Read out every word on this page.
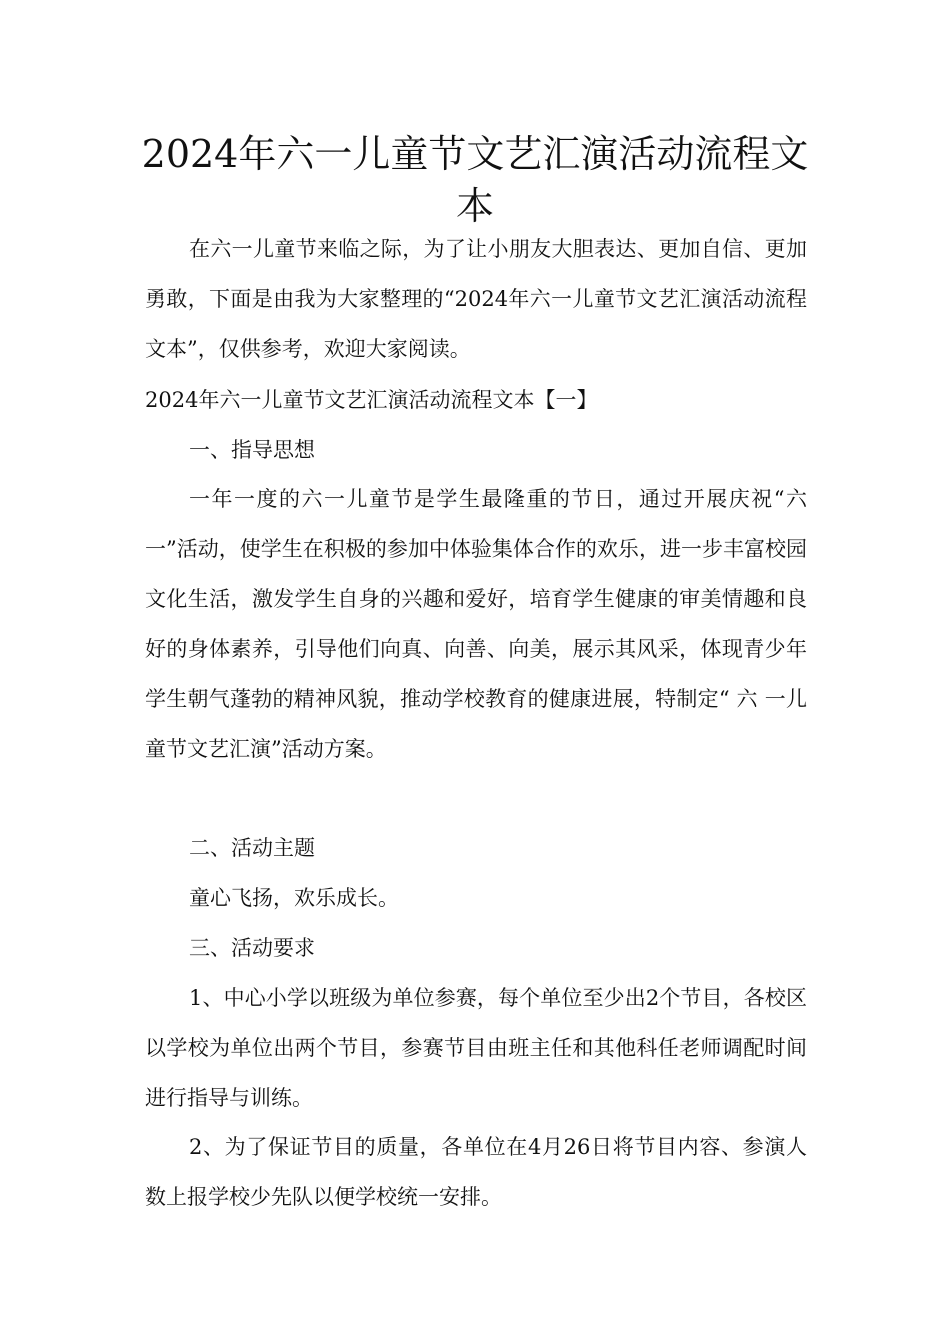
2024年六一儿童节文艺汇演活动流程文本

在六一儿童节来临之际，为了让小朋友大胆表达、更加自信、更加勇敢，下面是由我为大家整理的“2024年六一儿童节文艺汇演活动流程文本”，仅供参考，欢迎大家阅读。

2024年六一儿童节文艺汇演活动流程文本【一】

一、指导思想

一年一度的六一儿童节是学生最隆重的节日，通过开展庆祝“六一”活动，使学生在积极的参加中体验集体合作的欢乐，进一步丰富校园文化生活，激发学生自身的兴趣和爱好，培育学生健康的审美情趣和良好的身体素养，引导他们向真、向善、向美，展示其风采，体现青少年学生朝气蓬勃的精神风貌，推动学校教育的健康进展，特制定“ 六 一儿童节文艺汇演”活动方案。

二、活动主题

童心飞扬，欢乐成长。

三、活动要求

1、中心小学以班级为单位参赛，每个单位至少出2个节目，各校区以学校为单位出两个节目，参赛节目由班主任和其他科任老师调配时间进行指导与训练。

2、为了保证节目的质量，各单位在4月26日将节目内容、参演人数上报学校少先队以便学校统一安排。
